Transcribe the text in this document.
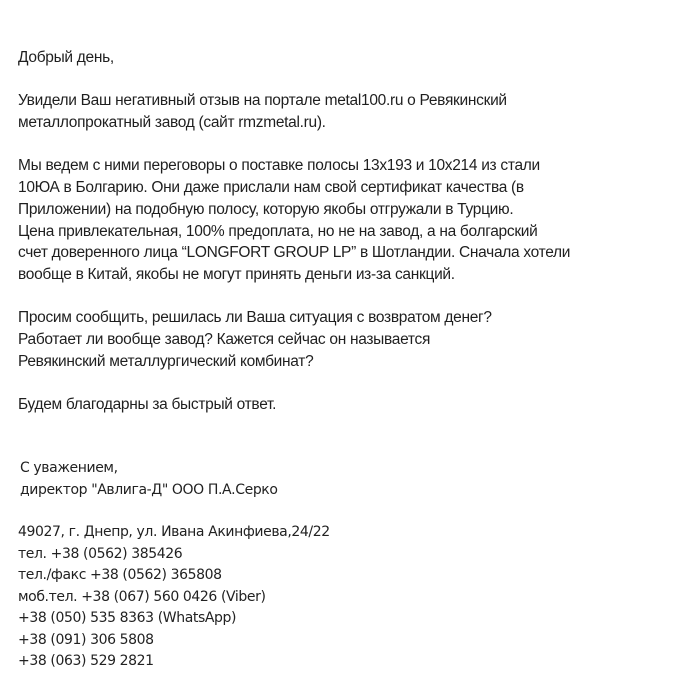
Добрый день,

Увидели Ваш негативный отзыв на портале metal100.ru о Ревякинский
металлопрокатный завод (сайт rmzmetal.ru).

Мы ведем с ними переговоры о поставке полосы 13х193 и 10х214 из стали
10ЮА в Болгарию. Они даже прислали нам свой сертификат качества (в
Приложении) на подобную полосу, которую якобы отгружали в Турцию.
Цена привлекательная, 100% предоплата, но не на завод, а на болгарский
счет доверенного лица “LONGFORT GROUP LP” в Шотландии. Сначала хотели
вообще в Китай, якобы не могут принять деньги из-за санкций.

Просим сообщить, решилась ли Ваша ситуация с возвратом денег?
Работает ли вообще завод? Кажется сейчас он называется
Ревякинский металлургический комбинат?

Будем благодарны за быстрый ответ.

С уважением,
директор "Авлига-Д" ООО П.А.Серко
49027, г. Днепр, ул. Ивана Акинфиева,24/22
тел. +38 (0562) 385426
тел./факс +38 (0562) 365808
моб.тел. +38 (067) 560 0426 (Viber)
+38 (050) 535 8363 (WhatsApp)
+38 (091) 306 5808
+38 (063) 529 2821
